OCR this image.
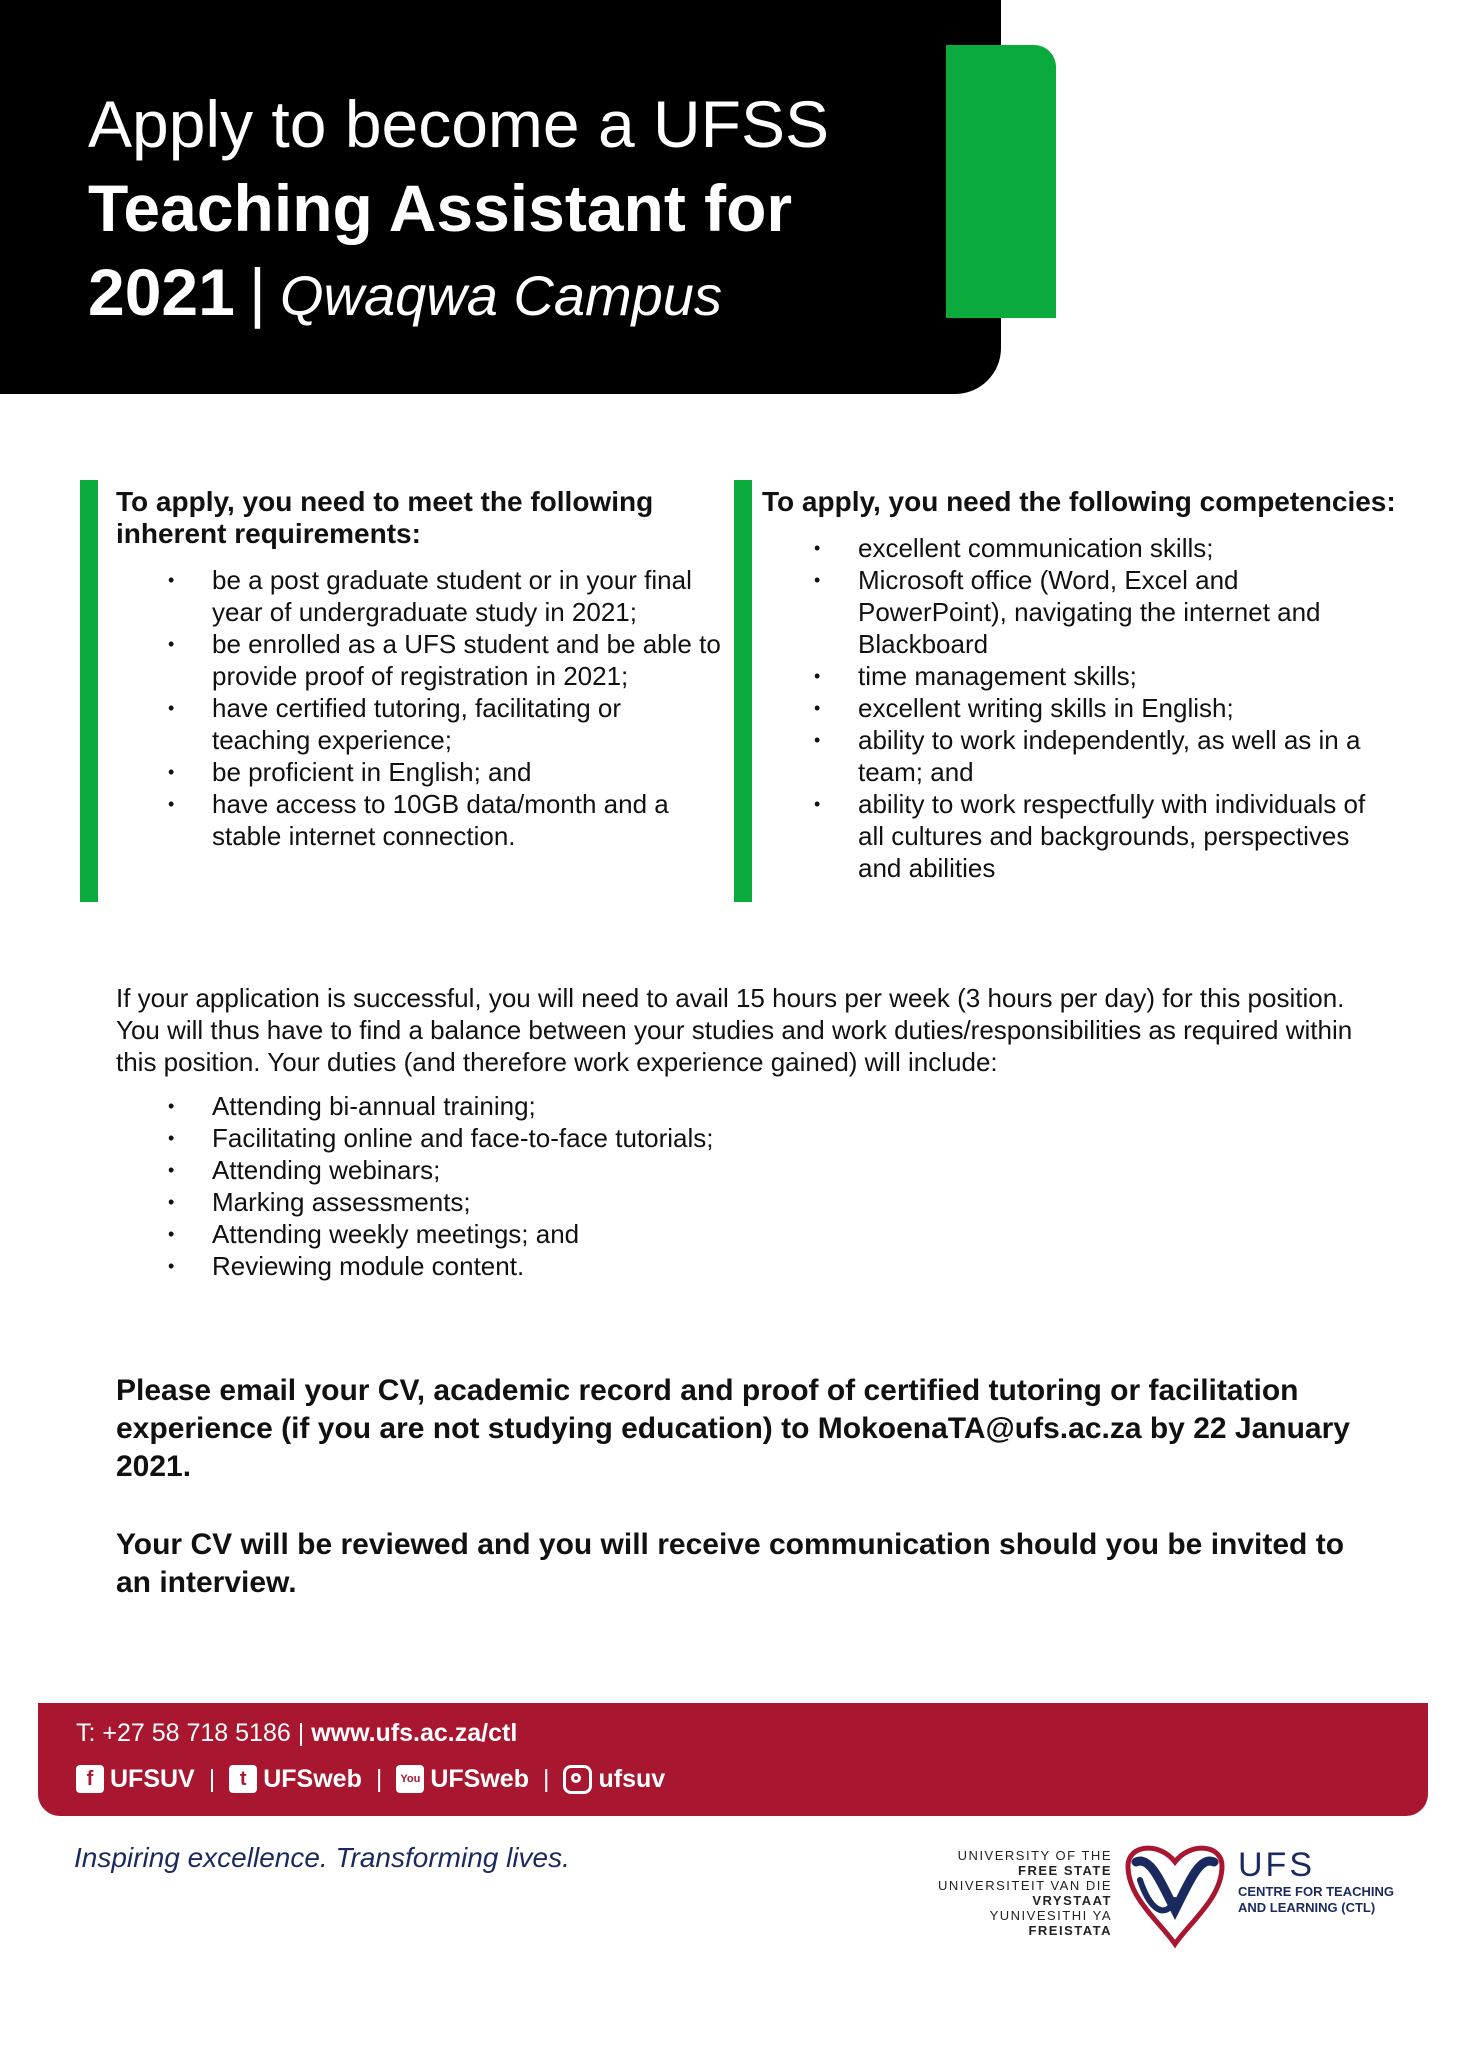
Apply to become a UFSS
Teaching Assistant for
2021 | Qwaqwa Campus
To apply, you need to meet the following inherent requirements:
• be a post graduate student or in your final year of undergraduate study in 2021;
• be enrolled as a UFS student and be able to provide proof of registration in 2021;
• have certified tutoring, facilitating or teaching experience;
• be proficient in English; and
• have access to 10GB data/month and a stable internet connection.
To apply, you need the following competencies:
• excellent communication skills;
• Microsoft office (Word, Excel and PowerPoint), navigating the internet and Blackboard
• time management skills;
• excellent writing skills in English;
• ability to work independently, as well as in a team; and
• ability to work respectfully with individuals of all cultures and backgrounds, perspectives and abilities

If your application is successful, you will need to avail 15 hours per week (3 hours per day) for this position. You will thus have to find a balance between your studies and work duties/responsibilities as required within this position. Your duties (and therefore work experience gained) will include:

• Attending bi-annual training;
• Facilitating online and face-to-face tutorials;
• Attending webinars;
• Marking assessments;
• Attending weekly meetings; and
• Reviewing module content.

Please email your CV, academic record and proof of certified tutoring or facilitation experience (if you are not studying education) to MokoenaTA@ufs.ac.za by 22 January 2021.

Your CV will be reviewed and you will receive communication should you be invited to an interview.

T: +27 58 718 5186 | www.ufs.ac.za/ctl
f UFSUV |	t UFSweb |	You UFSweb | ufsuv
Inspiring excellence. Transforming lives.	UNIVERSITY OF THE
FREE STATE
UNIVERSITEIT VAN DIE
VRYSTAAT
YUNIVESITHI YA
FREISTATA
UFS
CENTRE FOR TEACHING AND LEARNING (CTL)
